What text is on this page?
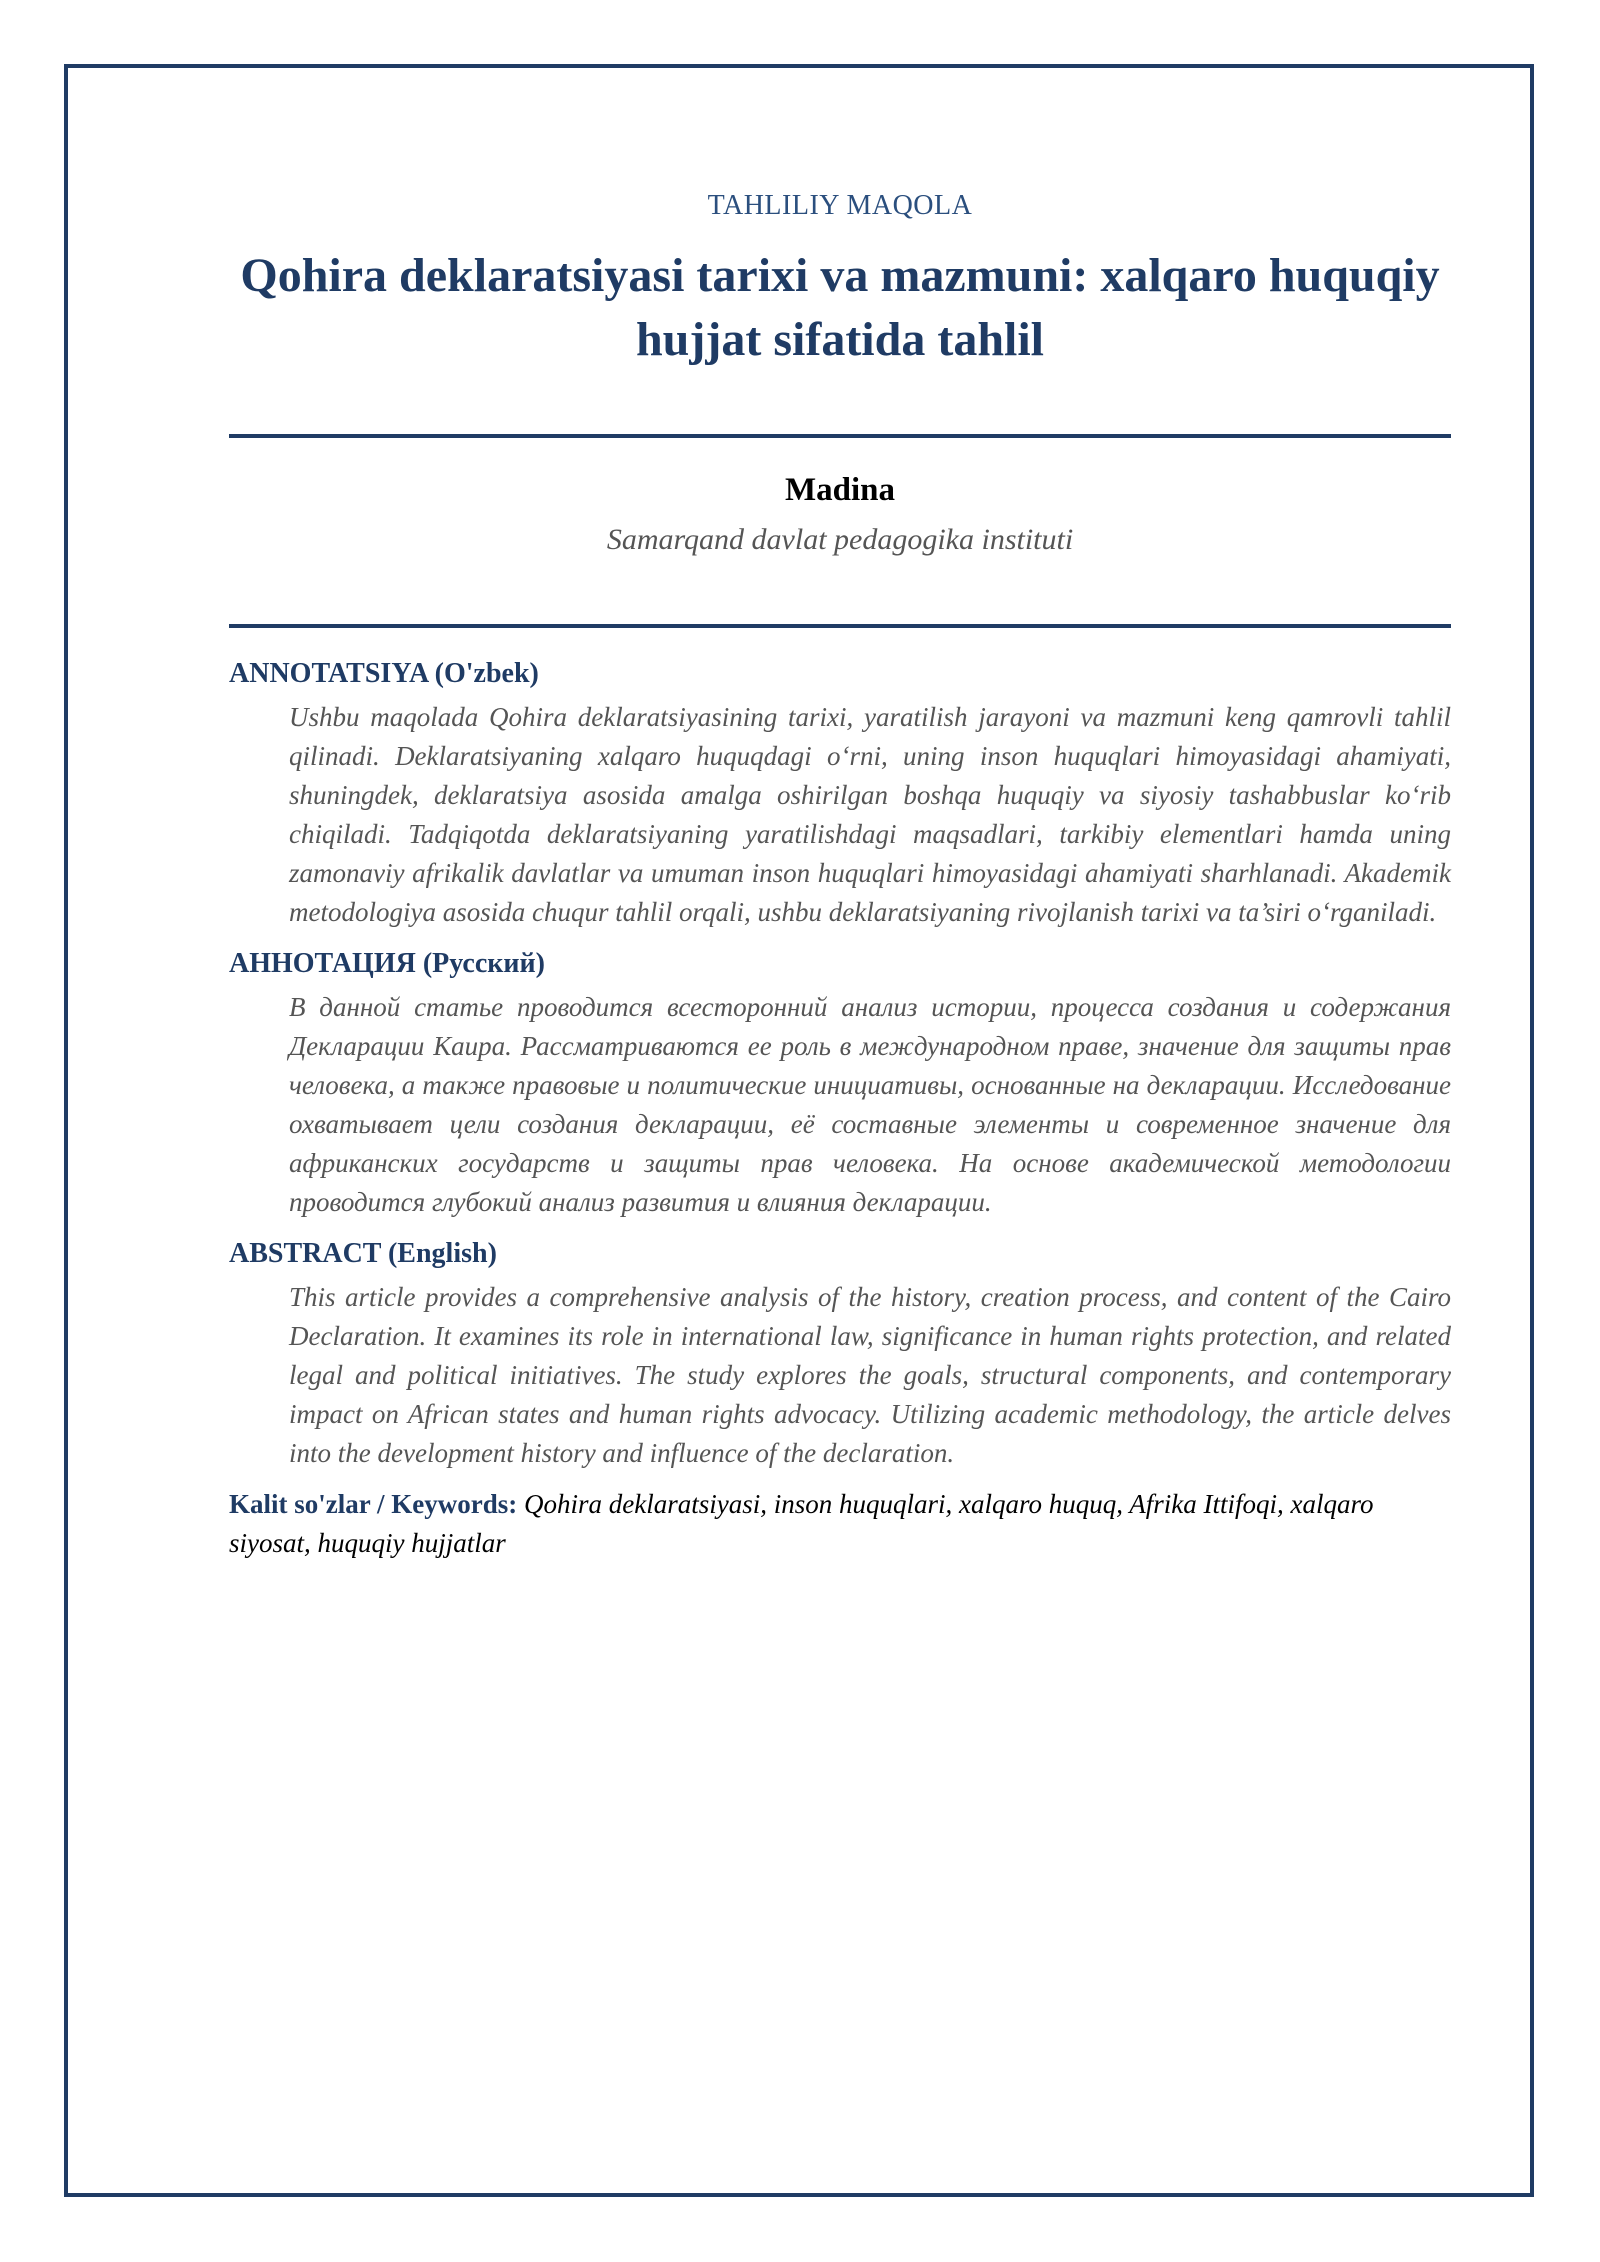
TAHLILIY MAQOLA

Qohira deklaratsiyasi tarixi va mazmuni: xalqaro huquqiy hujjat sifatida tahlil

Madina

Samarqand davlat pedagogika instituti

ANNOTATSIYA (O'zbek)

Ushbu maqolada Qohira deklaratsiyasining tarixi, yaratilish jarayoni va mazmuni keng qamrovli tahlil qilinadi. Deklaratsiyaning xalqaro huquqdagi o‘rni, uning inson huquqlari himoyasidagi ahamiyati, shuningdek, deklaratsiya asosida amalga oshirilgan boshqa huquqiy va siyosiy tashabbuslar ko‘rib chiqiladi. Tadqiqotda deklaratsiyaning yaratilishdagi maqsadlari, tarkibiy elementlari hamda uning zamonaviy afrikalik davlatlar va umuman inson huquqlari himoyasidagi ahamiyati sharhlanadi. Akademik metodologiya asosida chuqur tahlil orqali, ushbu deklaratsiyaning rivojlanish tarixi va ta’siri o‘rganiladi.

АННОТАЦИЯ (Русский)

В данной статье проводится всесторонний анализ истории, процесса создания и содержания Декларации Каира. Рассматриваются ее роль в международном праве, значение для защиты прав человека, а также правовые и политические инициативы, основанные на декларации. Исследование охватывает цели создания декларации, её составные элементы и современное значение для африканских государств и защиты прав человека. На основе академической методологии проводится глубокий анализ развития и влияния декларации.

ABSTRACT (English)

This article provides a comprehensive analysis of the history, creation process, and content of the Cairo Declaration. It examines its role in international law, significance in human rights protection, and related legal and political initiatives. The study explores the goals, structural components, and contemporary impact on African states and human rights advocacy. Utilizing academic methodology, the article delves into the development history and influence of the declaration.

Kalit so'zlar / Keywords: Qohira deklaratsiyasi, inson huquqlari, xalqaro huquq, Afrika Ittifoqi, xalqaro siyosat, huquqiy hujjatlar
